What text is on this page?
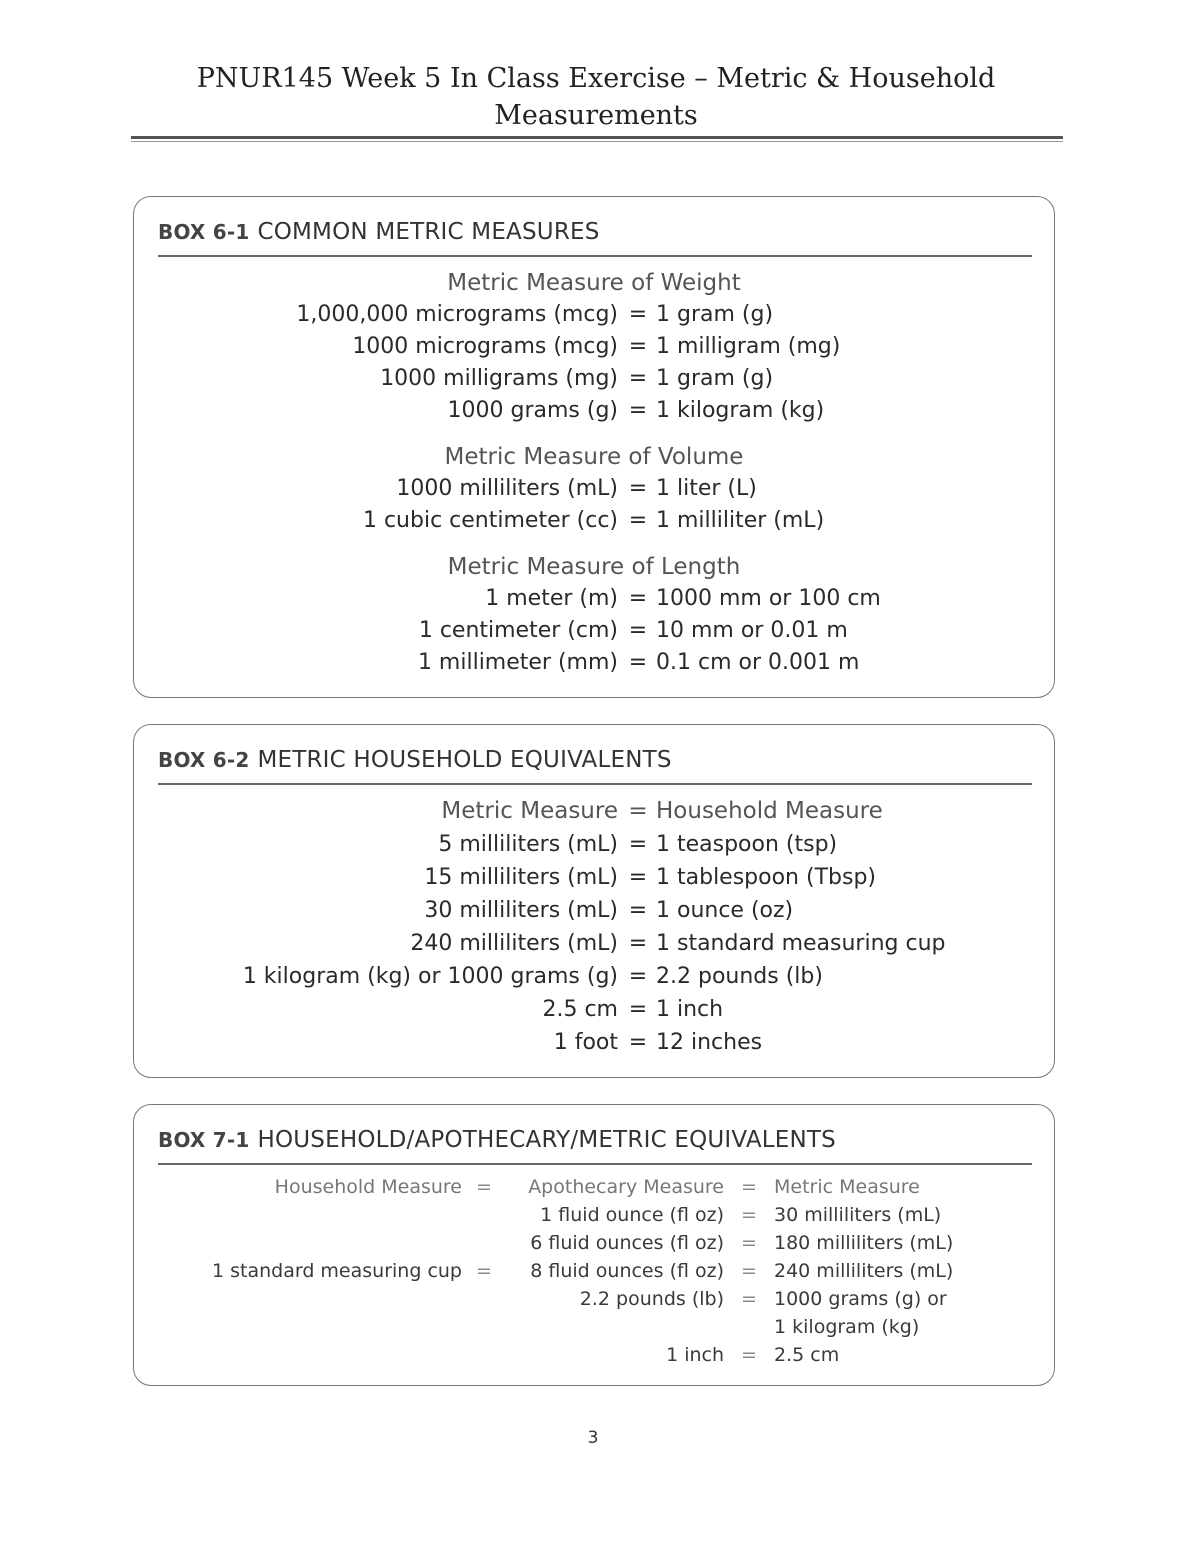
PNUR145 Week 5 In Class Exercise – Metric & Household
Measurements
BOX 6-1 COMMON METRIC MEASURES
Metric Measure of Weight
1,000,000 micrograms (mcg) = 1 gram (g)
1000 micrograms (mcg) = 1 milligram (mg)
1000 milligrams (mg) = 1 gram (g)
1000 grams (g) = 1 kilogram (kg)
Metric Measure of Volume
1000 milliliters (mL) = 1 liter (L)
1 cubic centimeter (cc) = 1 milliliter (mL)
Metric Measure of Length
1 meter (m) = 1000 mm or 100 cm
1 centimeter (cm) = 10 mm or 0.01 m
1 millimeter (mm) = 0.1 cm or 0.001 m
BOX 6-2 METRIC HOUSEHOLD EQUIVALENTS
Metric Measure = Household Measure
5 milliliters (mL) = 1 teaspoon (tsp)
15 milliliters (mL) = 1 tablespoon (Tbsp)
30 milliliters (mL) = 1 ounce (oz)
240 milliliters (mL) = 1 standard measuring cup
1 kilogram (kg) or 1000 grams (g) = 2.2 pounds (lb)
2.5 cm = 1 inch
1 foot = 12 inches
BOX 7-1 HOUSEHOLD/APOTHECARY/METRIC EQUIVALENTS
Household Measure = Apothecary Measure = Metric Measure
1 fluid ounce (fl oz) = 30 milliliters (mL)
6 fluid ounces (fl oz) = 180 milliliters (mL)
1 standard measuring cup = 8 fluid ounces (fl oz) = 240 milliliters (mL)
2.2 pounds (lb) = 1000 grams (g) or
1 kilogram (kg)
1 inch = 2.5 cm
3
